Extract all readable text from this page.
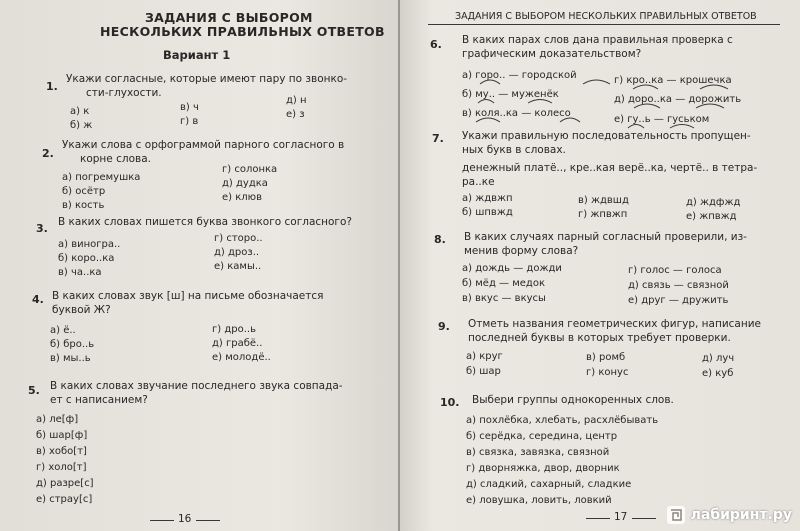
ЗАДАНИЯ С ВЫБОРОМ
НЕСКОЛЬКИХ ПРАВИЛЬНЫХ ОТВЕТОВ
Вариант 1
1.
Укажи согласные, которые имеют пару по звонко-
сти-глухости.
а) к
б) ж
в) ч
г) в
д) н
е) з
2.
Укажи слова с орфограммой парного согласного в
корне слова.
а) погремушка
б) осётр
в) кость
г) солонка
д) дудка
е) клюв
3. В каких словах пишется буква звонкого согласного?
а) виногра..
б) коро..ка
в) ча..ка
г) сторо..
д) дроз..
е) камы..
4. В каких словах звук [ш] на письме обозначается
буквой Ж?
а) ё..
б) бро..ь
в) мы..ь
г) дро..ь
д) грабё..
е) молодё..
5. В каких словах звучание последнего звука совпада-
ет с написанием?
а) ле[ф]
б) шар[ф]
в) хобо[т]
г) холо[т]
д) разре[с]
е) страу[с]
16
ЗАДАНИЯ С ВЫБОРОМ НЕСКОЛЬКИХ ПРАВИЛЬНЫХ ОТВЕТОВ
6. В каких парах слов дана правильная проверка с
графическим доказательством?
а) горо.. — городской
б) му.. — муженёк
в) коля..ка — колесо
г) кро..ка — крошечка
д) доро..ка — дорожить
е) гу..ь — гуськом
7. Укажи правильную последовательность пропущен-
ных букв в словах.
денежный платё.., кре..кая верё..ка, чертё.. в тетра-
ра..ке
а) ждвжп
б) шпвжд
в) ждвшд
г) жпвжп
д) ждфжд
е) жпвжд
8. В каких случаях парный согласный проверили, из-
менив форму слова?
а) дождь — дожди
б) мёд — медок
в) вкус — вкусы
г) голос — голоса
д) связь — связной
е) друг — дружить
9. Отметь названия геометрических фигур, написание
последней буквы в которых требует проверки.
а) круг
б) шар
в) ромб
г) конус
д) луч
е) куб
10. Выбери группы однокоренных слов.
а) похлёбка, хлебать, расхлёбывать
б) серёдка, середина, центр
в) связка, завязка, связной
г) дворняжка, двор, дворник
д) сладкий, сахарный, сладкие
е) ловушка, ловить, ловкий
17	лабиринт.ру
